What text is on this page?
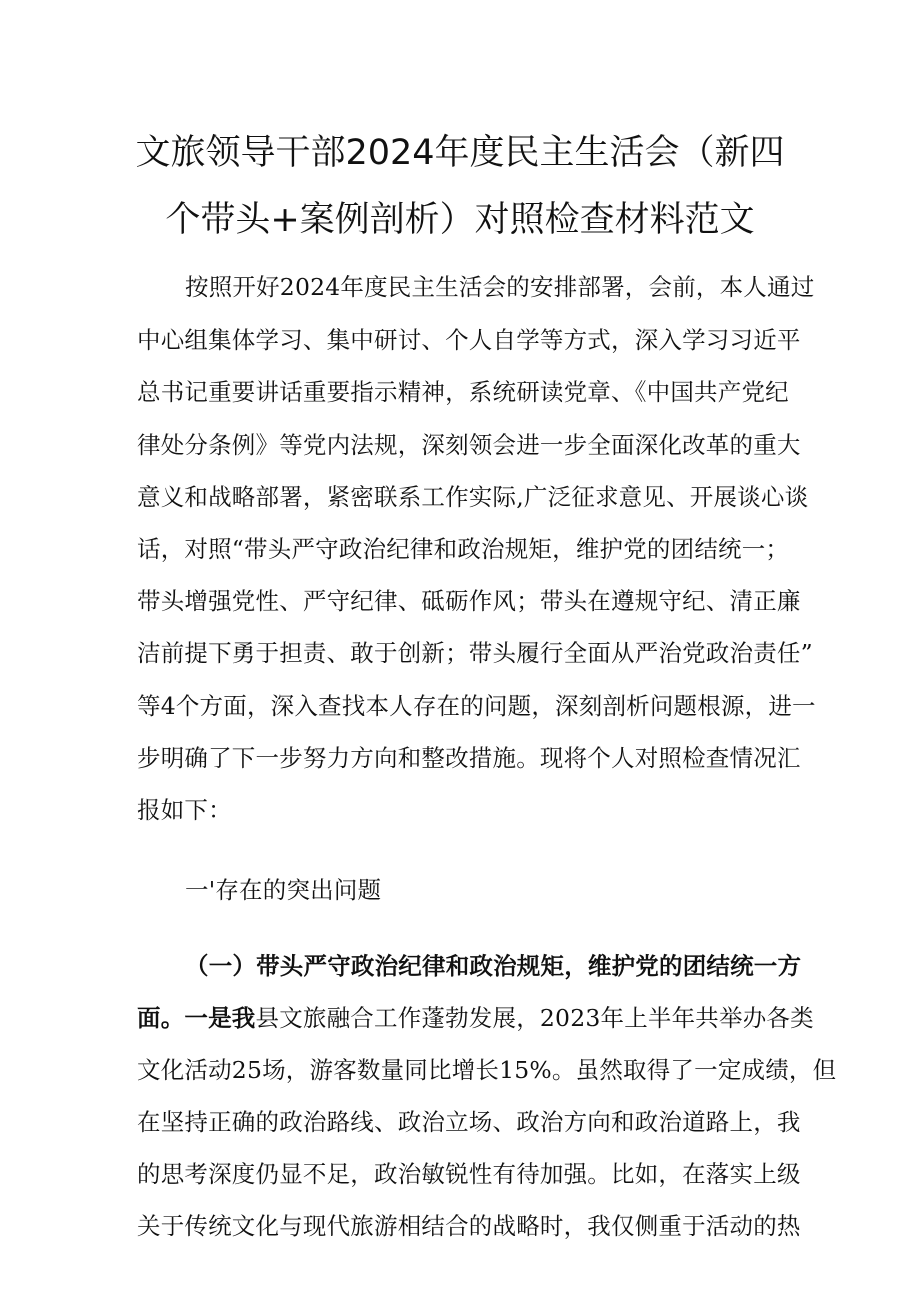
文旅领导干部2024年度民主生活会（新四
个带头+案例剖析）对照检查材料范文
按照开好2024年度民主生活会的安排部署，会前，本人通过
中心组集体学习、集中研讨、个人自学等方式，深入学习习近平
总书记重要讲话重要指示精神，系统研读党章、《中国共产党纪
律处分条例》等党内法规，深刻领会进一步全面深化改革的重大
意义和战略部署，紧密联系工作实际,广泛征求意见、开展谈心谈
话，对照“带头严守政治纪律和政治规矩，维护党的团结统一；
带头增强党性、严守纪律、砥砺作风；带头在遵规守纪、清正廉
洁前提下勇于担责、敢于创新；带头履行全面从严治党政治责任”
等4个方面，深入查找本人存在的问题，深刻剖析问题根源，进一
步明确了下一步努力方向和整改措施。现将个人对照检查情况汇
报如下：
一'存在的突出问题
（一）带头严守政治纪律和政治规矩，维护党的团结统一方
面。一是我县文旅融合工作蓬勃发展，2023年上半年共举办各类
文化活动25场，游客数量同比增长15%。虽然取得了一定成绩，但
在坚持正确的政治路线、政治立场、政治方向和政治道路上，我
的思考深度仍显不足，政治敏锐性有待加强。比如，在落实上级
关于传统文化与现代旅游相结合的战略时，我仅侧重于活动的热
